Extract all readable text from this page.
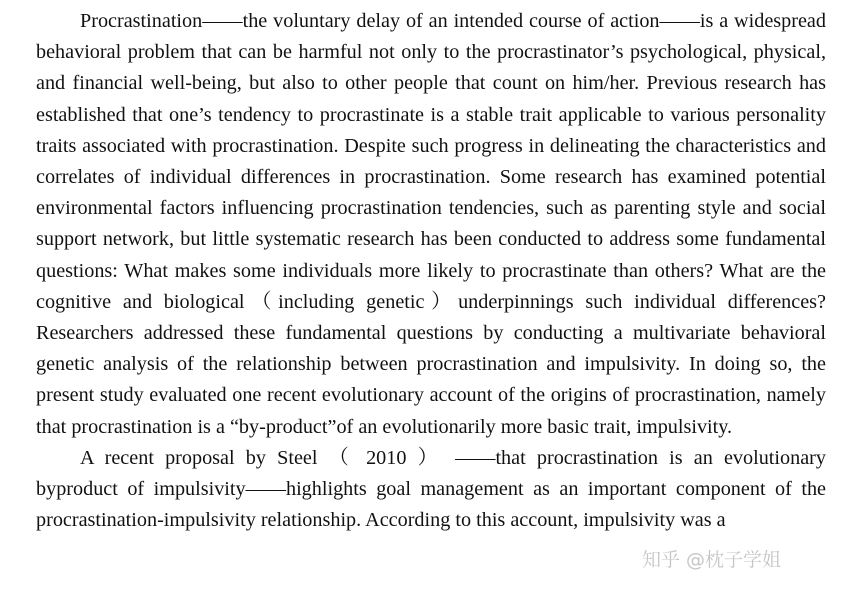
Procrastination——the voluntary delay of an intended course of action——is a widespread behavioral problem that can be harmful not only to the procrastinator’s psychological, physical, and financial well-being, but also to other people that count on him/her. Previous research has established that one’s tendency to procrastinate is a stable trait applicable to various personality traits associated with procrastination. Despite such progress in delineating the characteristics and correlates of individual differences in procrastination. Some research has examined potential environmental factors influencing procrastination tendencies, such as parenting style and social support network, but little systematic research has been conducted to address some fundamental questions: What makes some individuals more likely to procrastinate than others? What are the cognitive and biological（including genetic）underpinnings such individual differences?Researchers addressed these fundamental questions by conducting a multivariate behavioral genetic analysis of the relationship between procrastination and impulsivity. In doing so, the present study evaluated one recent evolutionary account of the origins of procrastination, namely that procrastination is a “by-product”of an evolutionarily more basic trait, impulsivity.

A recent proposal by Steel （ 2010 ） ——that procrastination is an evolutionary byproduct of impulsivity——highlights goal management as an important component of the procrastination-impulsivity relationship. According to this account, impulsivity was a

知乎 @枕子学姐
